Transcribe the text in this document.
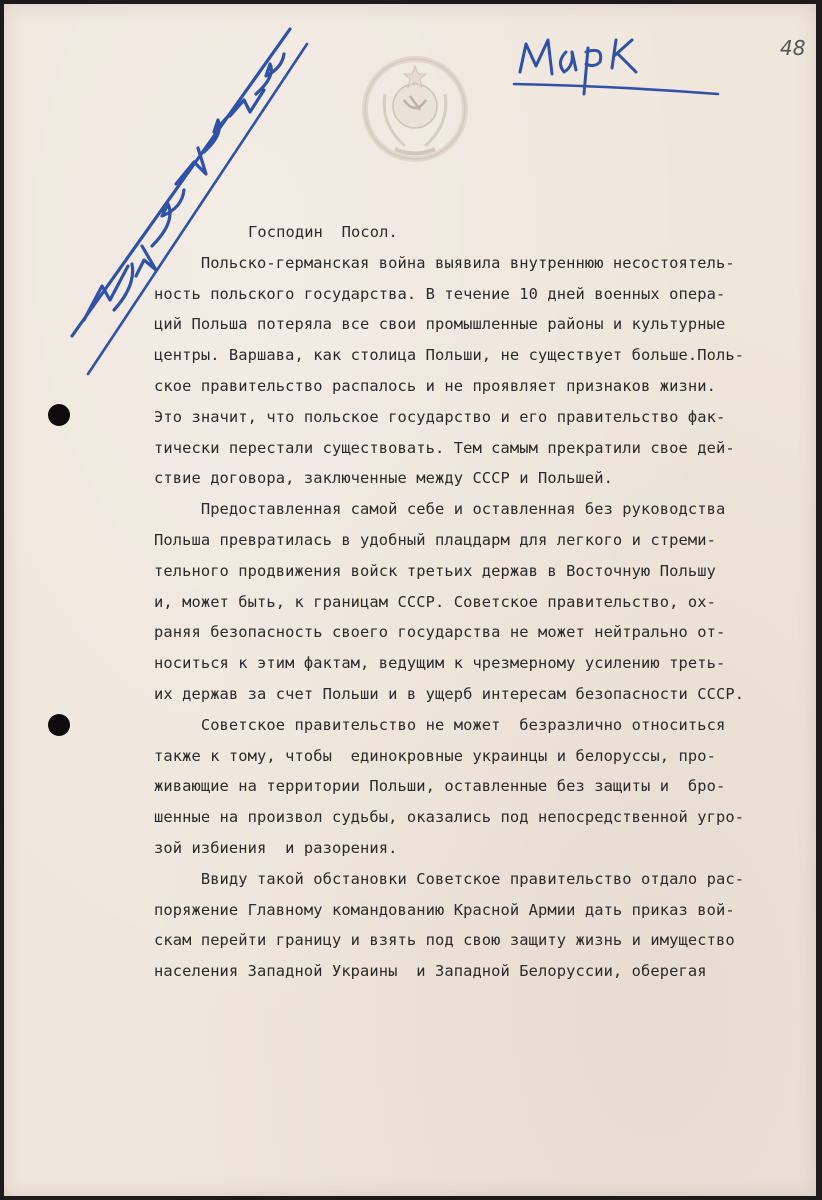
48
Господин  Посол.
Польско-германская война выявила внутреннюю несостоятель-
ность польского государства. В течение 10 дней военных опера-
ций Польша потеряла все свои промышленные районы и культурные
центры. Варшава, как столица Польши, не существует больше.Поль-
ское правительство распалось и не проявляет признаков жизни.
Это значит, что польское государство и его правительство фак-
тически перестали существовать. Тем самым прекратили свое дей-
ствие договора, заключенные между СССР и Польшей.
Предоставленная самой себе и оставленная без руководства
Польша превратилась в удобный плацдарм для легкого и стреми-
тельного продвижения войск третьих держав в Восточную Польшу
и, может быть, к границам СССР. Советское правительство, ох-
раняя безопасность своего государства не может нейтрально от-
носиться к этим фактам, ведущим к чрезмерному усилению треть-
их держав за счет Польши и в ущерб интересам безопасности СССР.
Советское правительство не может  безразлично относиться
также к тому, чтобы  единокровные украинцы и белоруссы, про-
живающие на территории Польши, оставленные без защиты и  бро-
шенные на произвол судьбы, оказались под непосредственной угро-
зой избиения  и разорения.
Ввиду такой обстановки Советское правительство отдало рас-
поряжение Главному командованию Красной Армии дать приказ вой-
скам перейти границу и взять под свою защиту жизнь и имущество
населения Западной Украины  и Западной Белоруссии, оберегая
